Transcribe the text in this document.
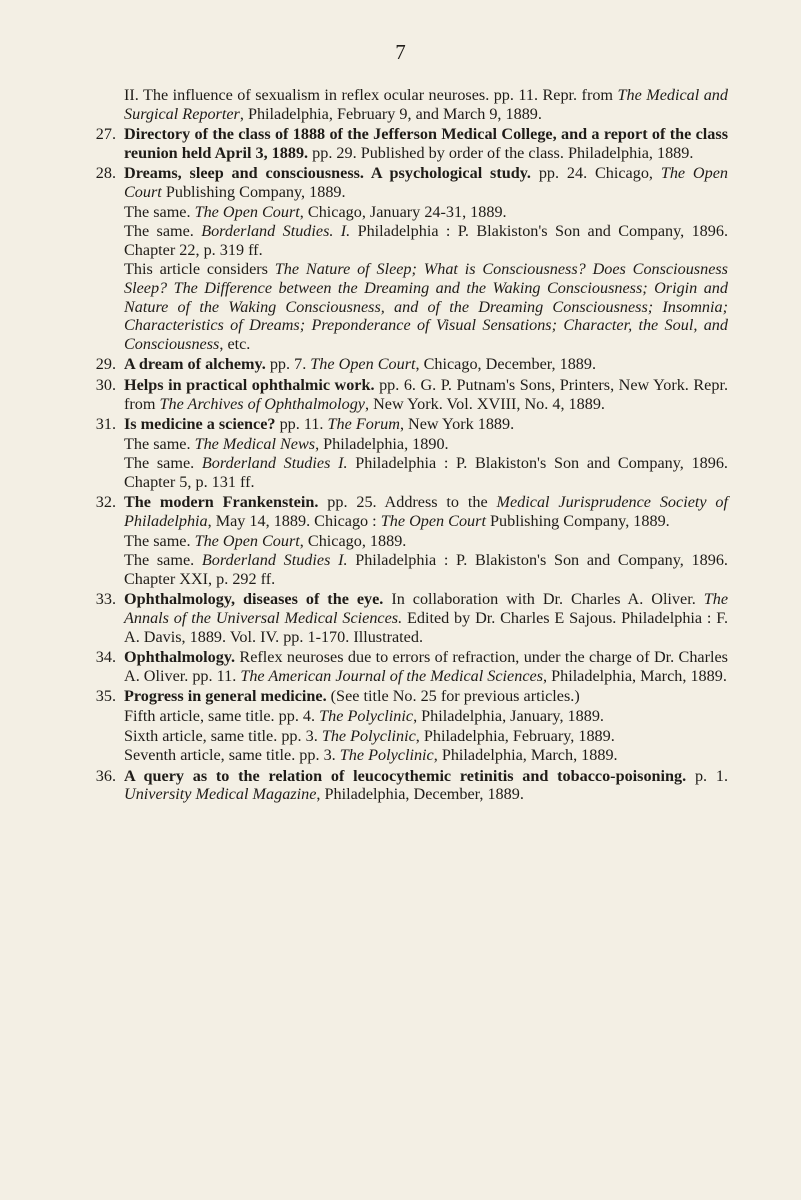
7

II. The influence of sexualism in reflex ocular neuroses. pp. 11. Repr. from The Medical and Surgical Reporter, Philadelphia, February 9, and March 9, 1889.

27. Directory of the class of 1888 of the Jefferson Medical College, and a report of the class reunion held April 3, 1889. pp. 29. Published by order of the class. Philadelphia, 1889.

28. Dreams, sleep and consciousness. A psychological study. pp. 24. Chicago, The Open Court Publishing Company, 1889.

The same. The Open Court, Chicago, January 24-31, 1889.

The same. Borderland Studies. I. Philadelphia : P. Blakiston's Son and Company, 1896. Chapter 22, p. 319 ff.

This article considers The Nature of Sleep; What is Consciousness? Does Consciousness Sleep? The Difference between the Dreaming and the Waking Consciousness; Origin and Nature of the Waking Consciousness, and of the Dreaming Consciousness; Insomnia; Characteristics of Dreams; Preponderance of Visual Sensations; Character, the Soul, and Consciousness, etc.

29. A dream of alchemy. pp. 7. The Open Court, Chicago, December, 1889.

30. Helps in practical ophthalmic work. pp. 6. G. P. Putnam's Sons, Printers, New York. Repr. from The Archives of Ophthalmology, New York. Vol. XVIII, No. 4, 1889.

31. Is medicine a science? pp. 11. The Forum, New York 1889.

The same. The Medical News, Philadelphia, 1890.

The same. Borderland Studies I. Philadelphia : P. Blakiston's Son and Company, 1896. Chapter 5, p. 131 ff.

32. The modern Frankenstein. pp. 25. Address to the Medical Jurisprudence Society of Philadelphia, May 14, 1889. Chicago : The Open Court Publishing Company, 1889.

The same. The Open Court, Chicago, 1889.

The same. Borderland Studies I. Philadelphia : P. Blakiston's Son and Company, 1896. Chapter XXI, p. 292 ff.

33. Ophthalmology, diseases of the eye. In collaboration with Dr. Charles A. Oliver. The Annals of the Universal Medical Sciences. Edited by Dr. Charles E Sajous. Philadelphia : F. A. Davis, 1889. Vol. IV. pp. 1-170. Illustrated.

34. Ophthalmology. Reflex neuroses due to errors of refraction, under the charge of Dr. Charles A. Oliver. pp. 11. The American Journal of the Medical Sciences, Philadelphia, March, 1889.

35. Progress in general medicine. (See title No. 25 for previous articles.)

Fifth article, same title. pp. 4. The Polyclinic, Philadelphia, January, 1889.

Sixth article, same title. pp. 3. The Polyclinic, Philadelphia, February, 1889.

Seventh article, same title. pp. 3. The Polyclinic, Philadelphia, March, 1889.

36. A query as to the relation of leucocythemic retinitis and tobacco-poisoning. p. 1. University Medical Magazine, Philadelphia, December, 1889.
